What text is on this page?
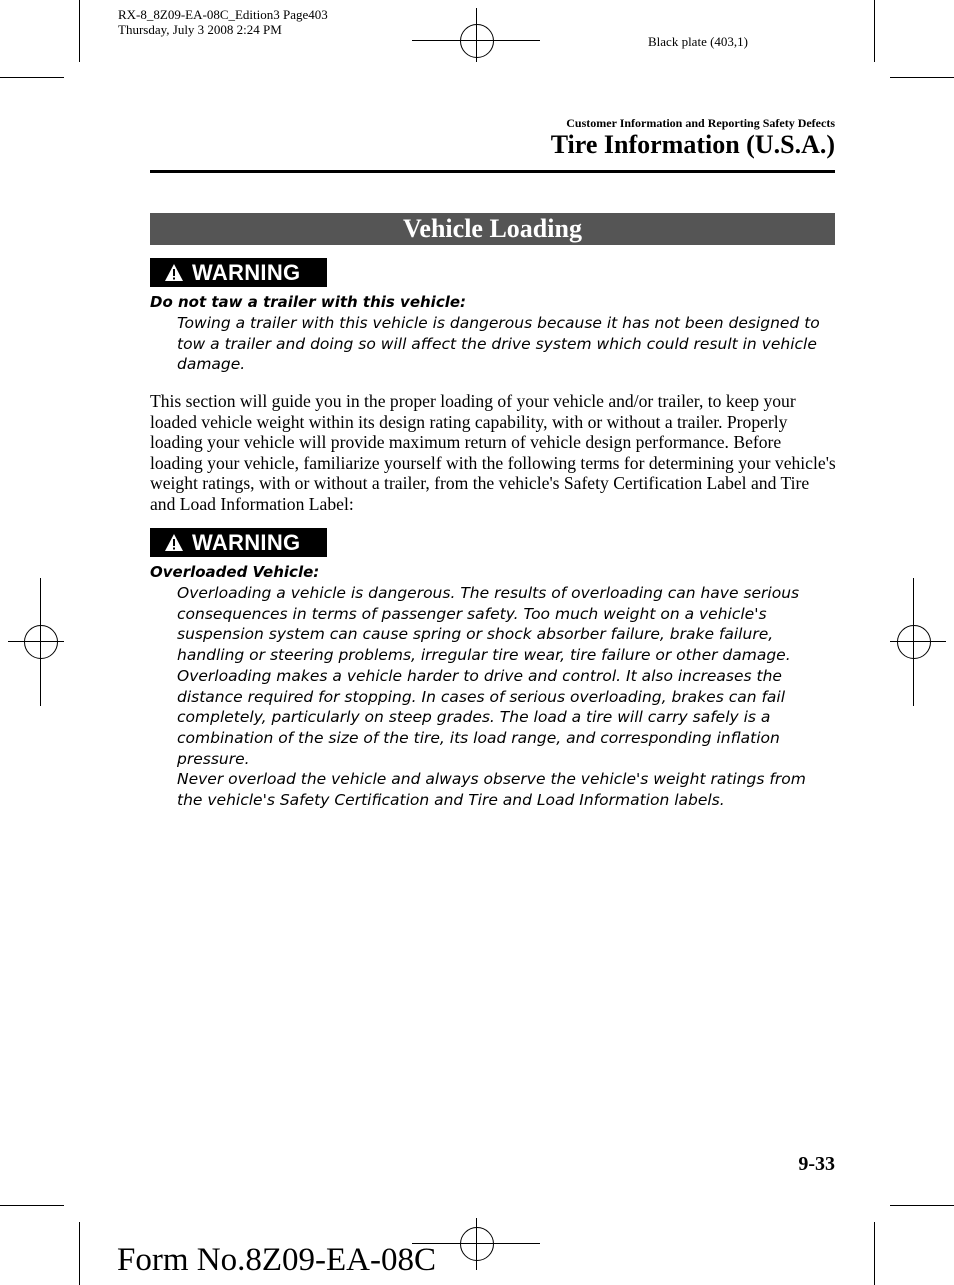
RX-8_8Z09-EA-08C_Edition3 Page403
Thursday, July 3 2008 2:24 PM
Black plate (403,1)
Customer Information and Reporting Safety Defects
Tire Information (U.S.A.)
Vehicle Loading
WARNING
Do not taw a trailer with this vehicle:

Towing a trailer with this vehicle is dangerous because it has not been designed to tow a trailer and doing so will affect the drive system which could result in vehicle damage.

This section will guide you in the proper loading of your vehicle and/or trailer, to keep your loaded vehicle weight within its design rating capability, with or without a trailer. Properly loading your vehicle will provide maximum return of vehicle design performance. Before loading your vehicle, familiarize yourself with the following terms for determining your vehicle's weight ratings, with or without a trailer, from the vehicle's Safety Certification Label and Tire and Load Information Label:

WARNING
Overloaded Vehicle:

Overloading a vehicle is dangerous. The results of overloading can have serious consequences in terms of passenger safety. Too much weight on a vehicle's suspension system can cause spring or shock absorber failure, brake failure, handling or steering problems, irregular tire wear, tire failure or other damage. Overloading makes a vehicle harder to drive and control. It also increases the distance required for stopping. In cases of serious overloading, brakes can fail completely, particularly on steep grades. The load a tire will carry safely is a combination of the size of the tire, its load range, and corresponding inflation pressure.

Never overload the vehicle and always observe the vehicle's weight ratings from the vehicle's Safety Certification and Tire and Load Information labels.

9-33
Form No.8Z09-EA-08C
